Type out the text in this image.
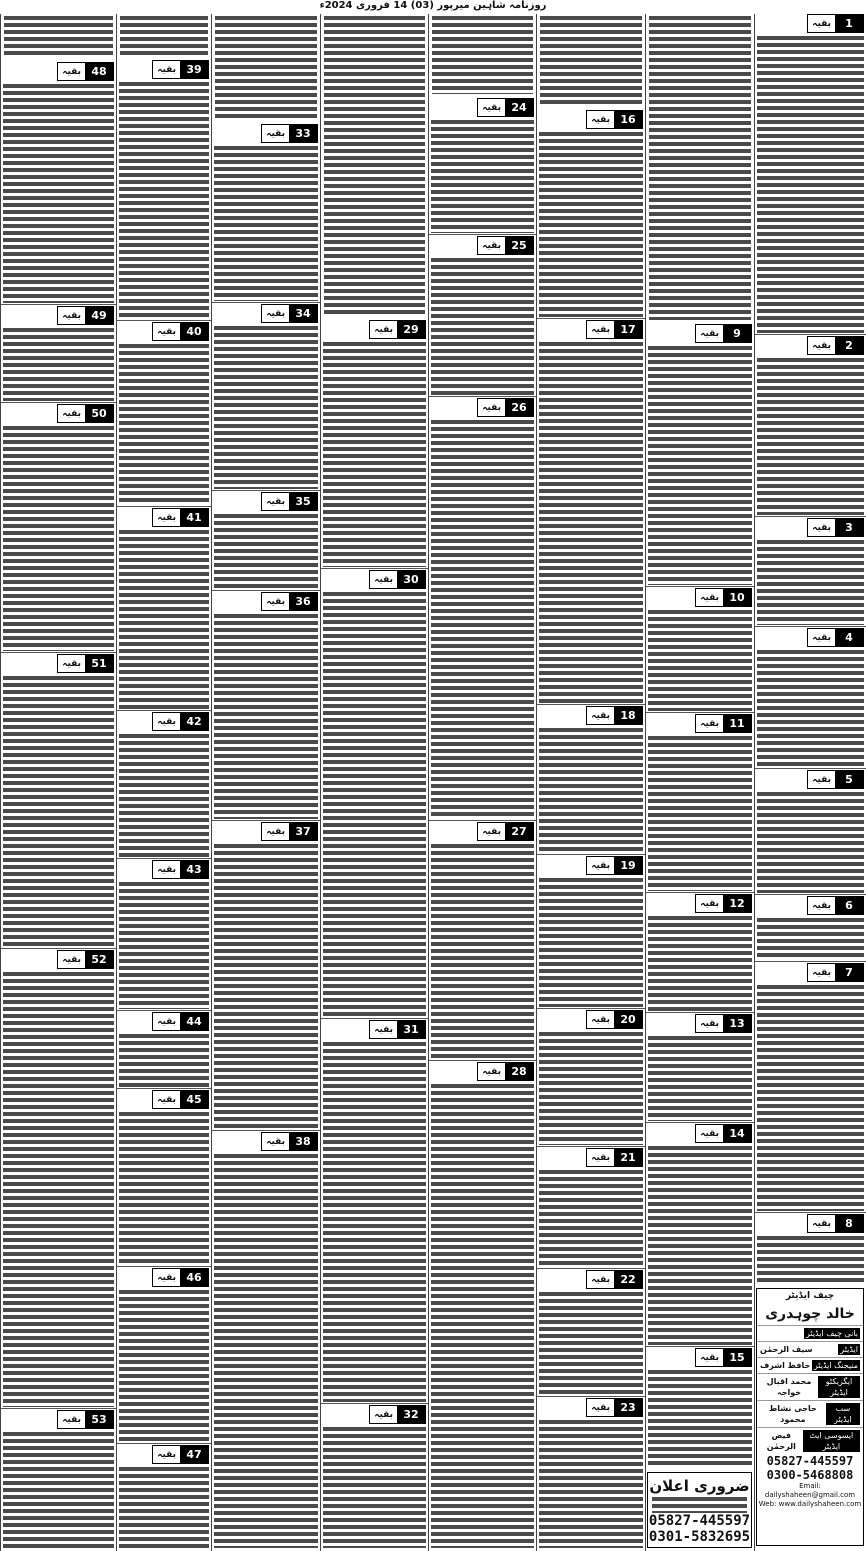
روزنامہ شاہین میرپور (03) 14 فروری 2024ء
بقیہ 48
بقیہ 49
بقیہ 50
بقیہ 51
بقیہ 52
بقیہ 53
بقیہ 39
بقیہ 40
بقیہ 41
بقیہ 42
بقیہ 43
بقیہ 44
بقیہ 45
بقیہ 46
بقیہ 47
بقیہ 33
بقیہ 34
بقیہ 35
بقیہ 36
بقیہ 37
بقیہ 38
بقیہ 29
بقیہ 30
بقیہ 31
بقیہ 32
بقیہ 24
بقیہ 25
بقیہ 26
بقیہ 27
بقیہ 28
بقیہ 16
بقیہ 17
بقیہ 18
بقیہ 19
بقیہ 20
بقیہ 21
بقیہ 22
بقیہ 23
بقیہ	9
بقیہ 10
بقیہ 11
بقیہ 12
بقیہ 13
بقیہ 14
بقیہ 15
بقیہ	1
بقیہ	2
بقیہ	3
بقیہ	4
بقیہ	5
بقیہ	6
بقیہ	7
بقیہ	8
چیف ایڈیٹر
خالد چوہدری
بانی چیف ایڈیٹر
ایڈیٹر
سیف الرحمٰن
منیجنگ ایڈیٹر
حافظ اشرف
ایگزیکٹو ایڈیٹر
محمد اقبال خواجہ
سب ایڈیٹر
حاجی نشاط محمود
ایسوسی ایٹ ایڈیٹر
فیض الرحمٰن
05827-445597
0300-5468808
Email: dailyshaheen@gmail.com
Web: www.dailyshaheen.com
ضروری اعلان
05827-445597
0301-5832695
